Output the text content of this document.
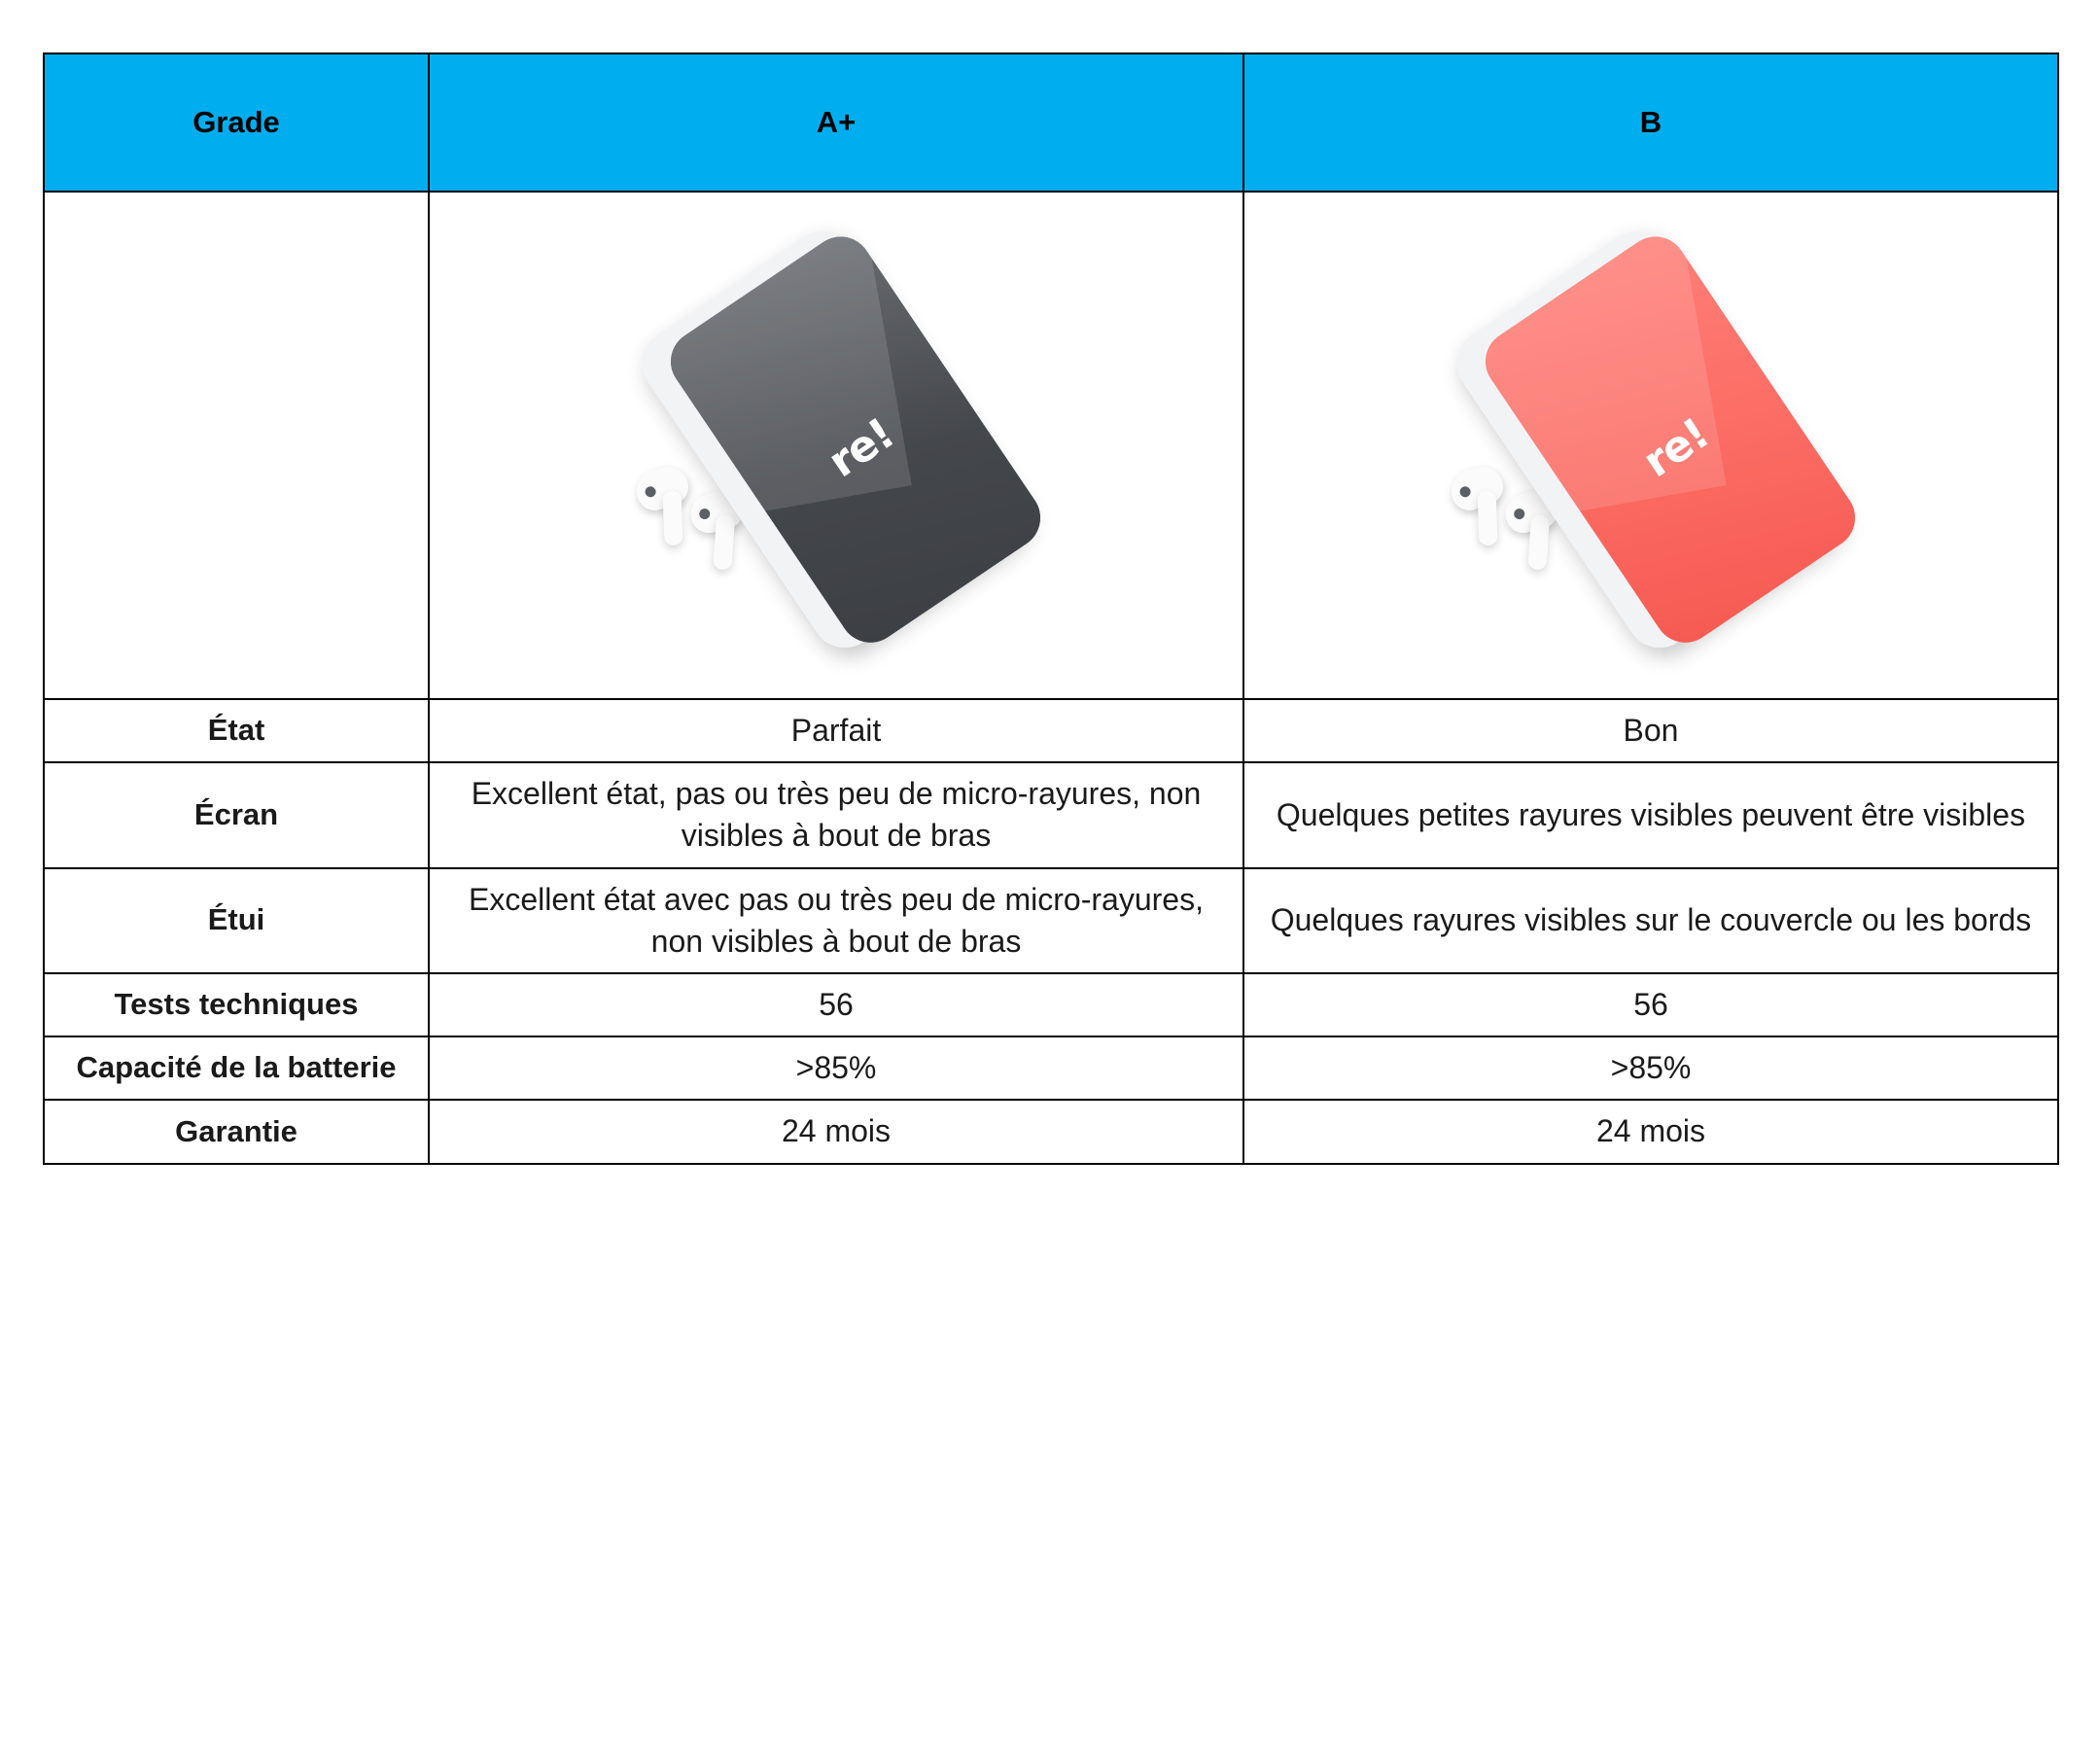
Grade	A+	B

	re!	re!

État	Parfait	Bon
Écran	Excellent état, pas ou très peu de micro-rayures, non visibles à bout de bras	Quelques petites rayures visibles peuvent être visibles
Étui	Excellent état avec pas ou très peu de micro-rayures, non visibles à bout de bras	Quelques rayures visibles sur le couvercle ou les bords
Tests techniques	56	56
Capacité de la batterie	>85%	>85%
Garantie	24 mois	24 mois
